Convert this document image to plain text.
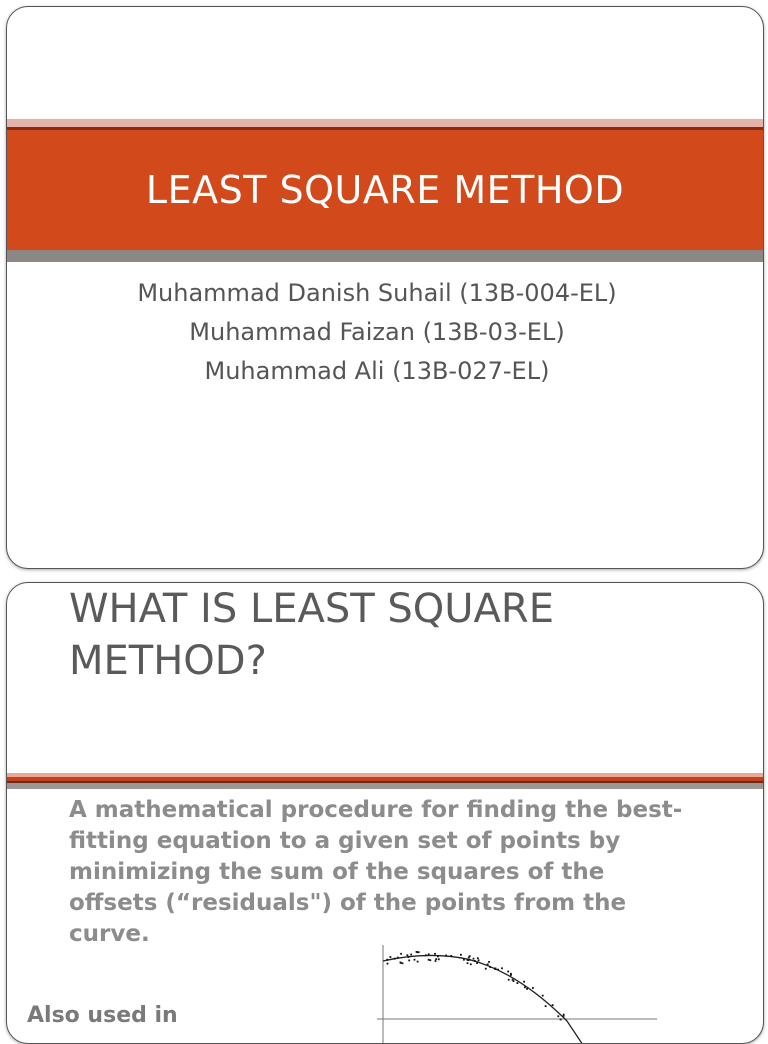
LEAST SQUARE METHOD

Muhammad Danish Suhail (13B-004-EL)

Muhammad Faizan (13B-03-EL)

Muhammad Ali (13B-027-EL)

WHAT IS LEAST SQUARE METHOD?

A mathematical procedure for finding the best-fitting equation to a given set of points by minimizing the sum of the squares of the offsets (“residuals") of the points from the curve.

Also used in
